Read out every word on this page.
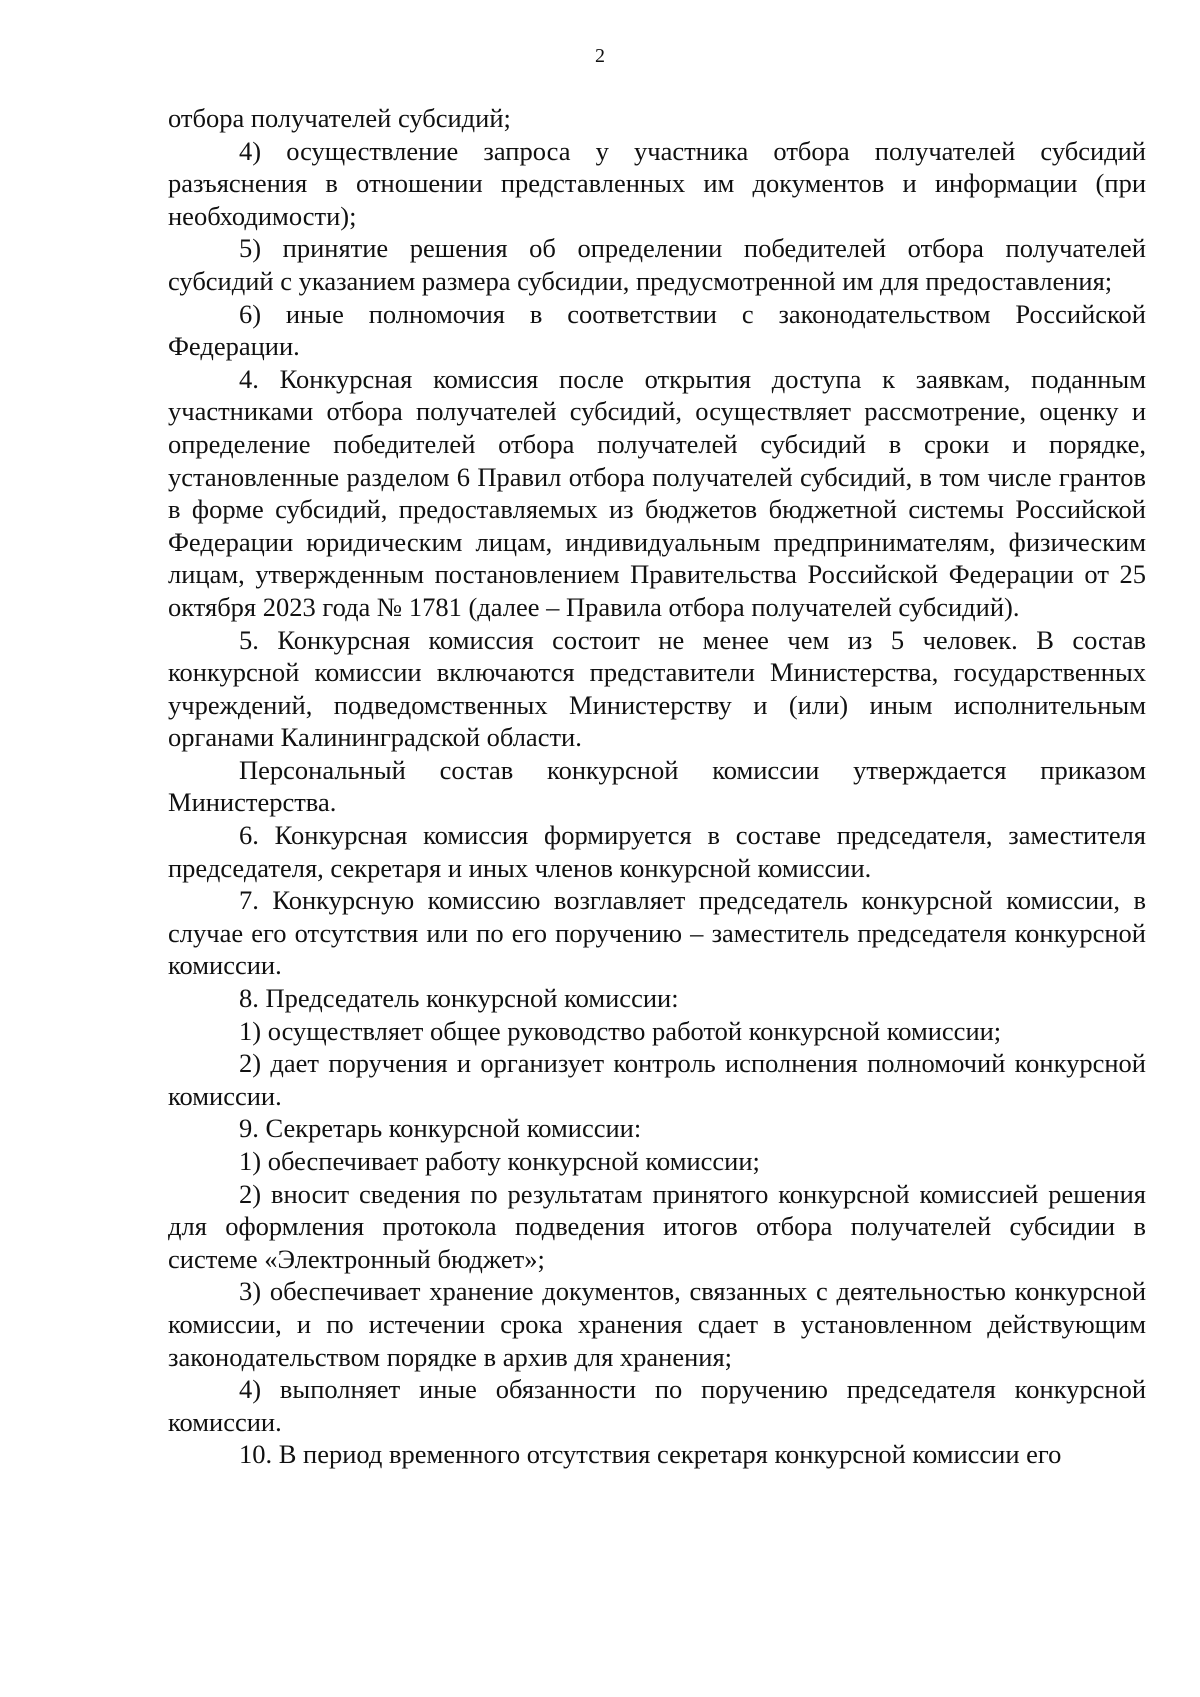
2

отбора получателей субсидий;

4) осуществление запроса у участника отбора получателей субсидий разъяснения в отношении представленных им документов и информации (при необходимости);

5) принятие решения об определении победителей отбора получателей субсидий с указанием размера субсидии, предусмотренной им для предоставления;

6) иные полномочия в соответствии с законодательством Российской Федерации.

4. Конкурсная комиссия после открытия доступа к заявкам, поданным участниками отбора получателей субсидий, осуществляет рассмотрение, оценку и определение победителей отбора получателей субсидий в сроки и порядке, установленные разделом 6 Правил отбора получателей субсидий, в том числе грантов в форме субсидий, предоставляемых из бюджетов бюджетной системы Российской Федерации юридическим лицам, индивидуальным предпринимателям, физическим лицам, утвержденным постановлением Правительства Российской Федерации от 25 октября 2023 года № 1781 (далее – Правила отбора получателей субсидий).

5. Конкурсная комиссия состоит не менее чем из 5 человек. В состав конкурсной комиссии включаются представители Министерства, государственных учреждений, подведомственных Министерству и (или) иным исполнительным органами Калининградской области.

Персональный состав конкурсной комиссии утверждается приказом Министерства.

6. Конкурсная комиссия формируется в составе председателя, заместителя председателя, секретаря и иных членов конкурсной комиссии.

7. Конкурсную комиссию возглавляет председатель конкурсной комиссии, в случае его отсутствия или по его поручению – заместитель председателя конкурсной комиссии.

8. Председатель конкурсной комиссии:

1) осуществляет общее руководство работой конкурсной комиссии;

2) дает поручения и организует контроль исполнения полномочий конкурсной комиссии.

9. Секретарь конкурсной комиссии:

1) обеспечивает работу конкурсной комиссии;

2) вносит сведения по результатам принятого конкурсной комиссией решения для оформления протокола подведения итогов отбора получателей субсидии в системе «Электронный бюджет»;

3) обеспечивает хранение документов, связанных с деятельностью конкурсной комиссии, и по истечении срока хранения сдает в установленном действующим законодательством порядке в архив для хранения;

4) выполняет иные обязанности по поручению председателя конкурсной комиссии.

10. В период временного отсутствия секретаря конкурсной комиссии его
